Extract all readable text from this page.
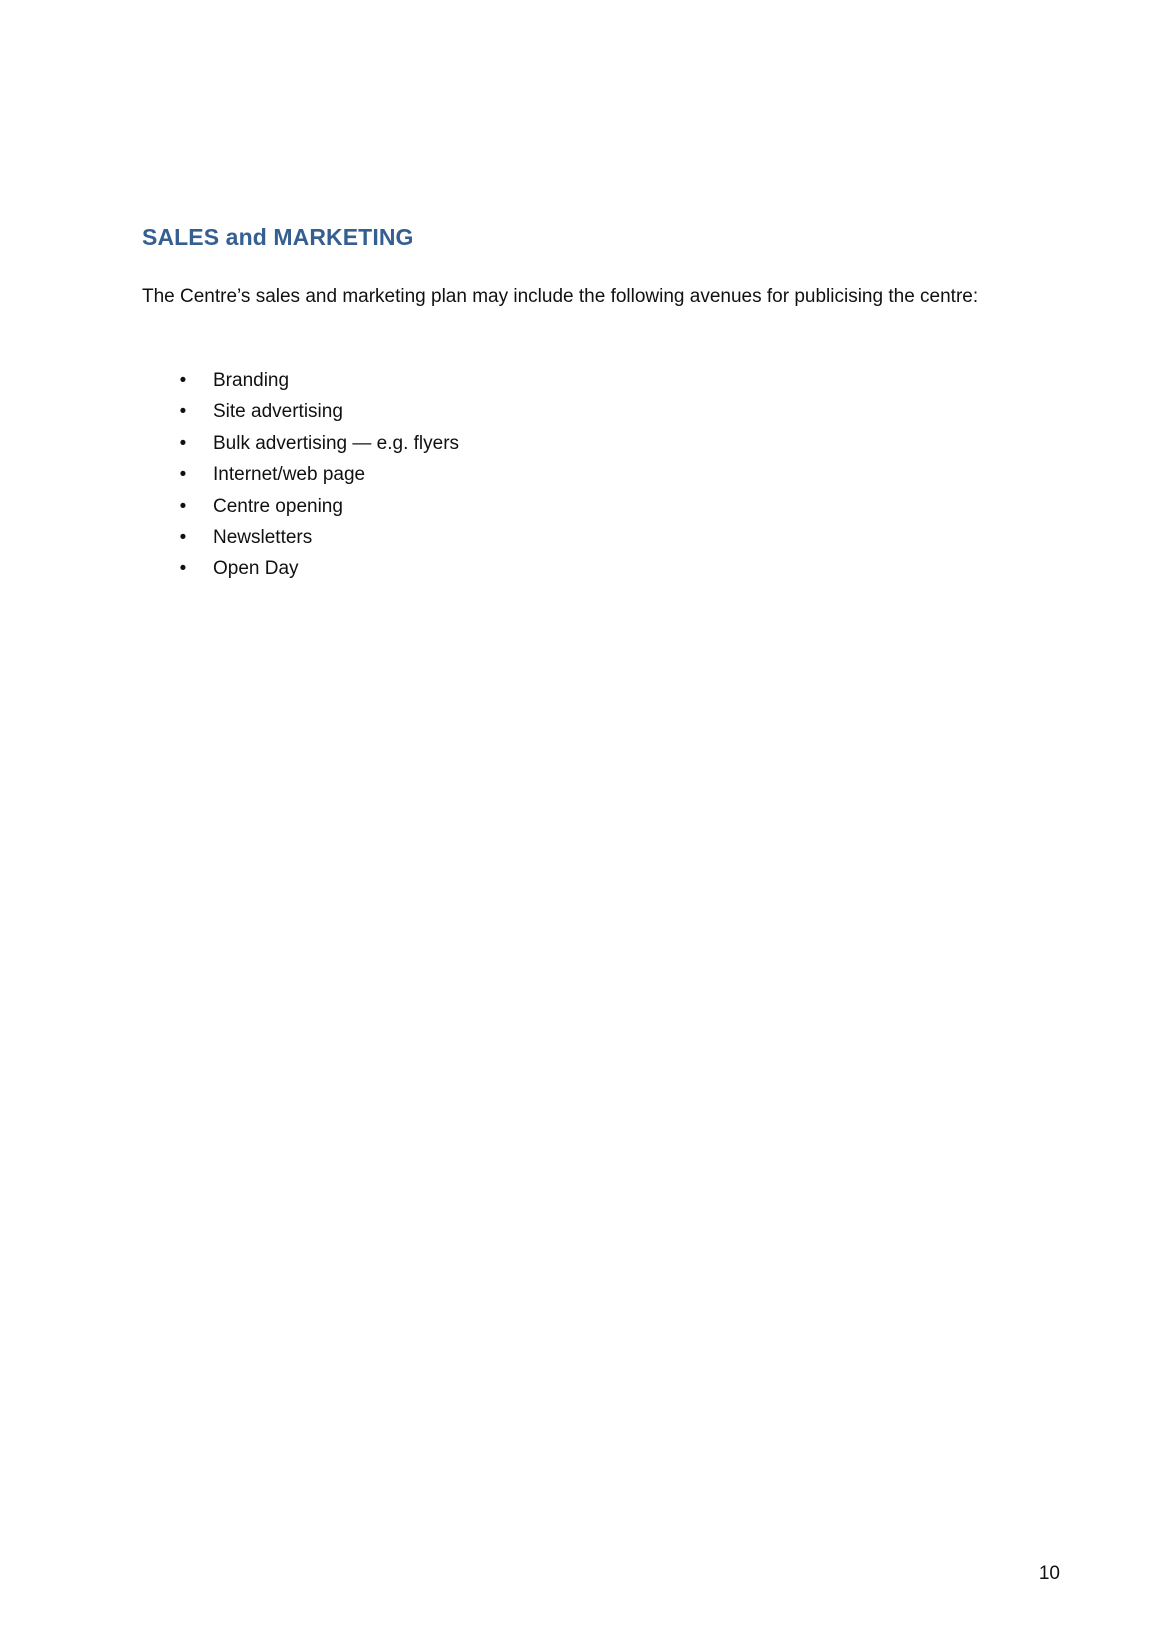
SALES and MARKETING

The Centre’s sales and marketing plan may include the following avenues for publicising the centre:

• Branding
• Site advertising
• Bulk advertising — e.g. flyers
• Internet/web page
• Centre opening
• Newsletters
• Open Day
10
